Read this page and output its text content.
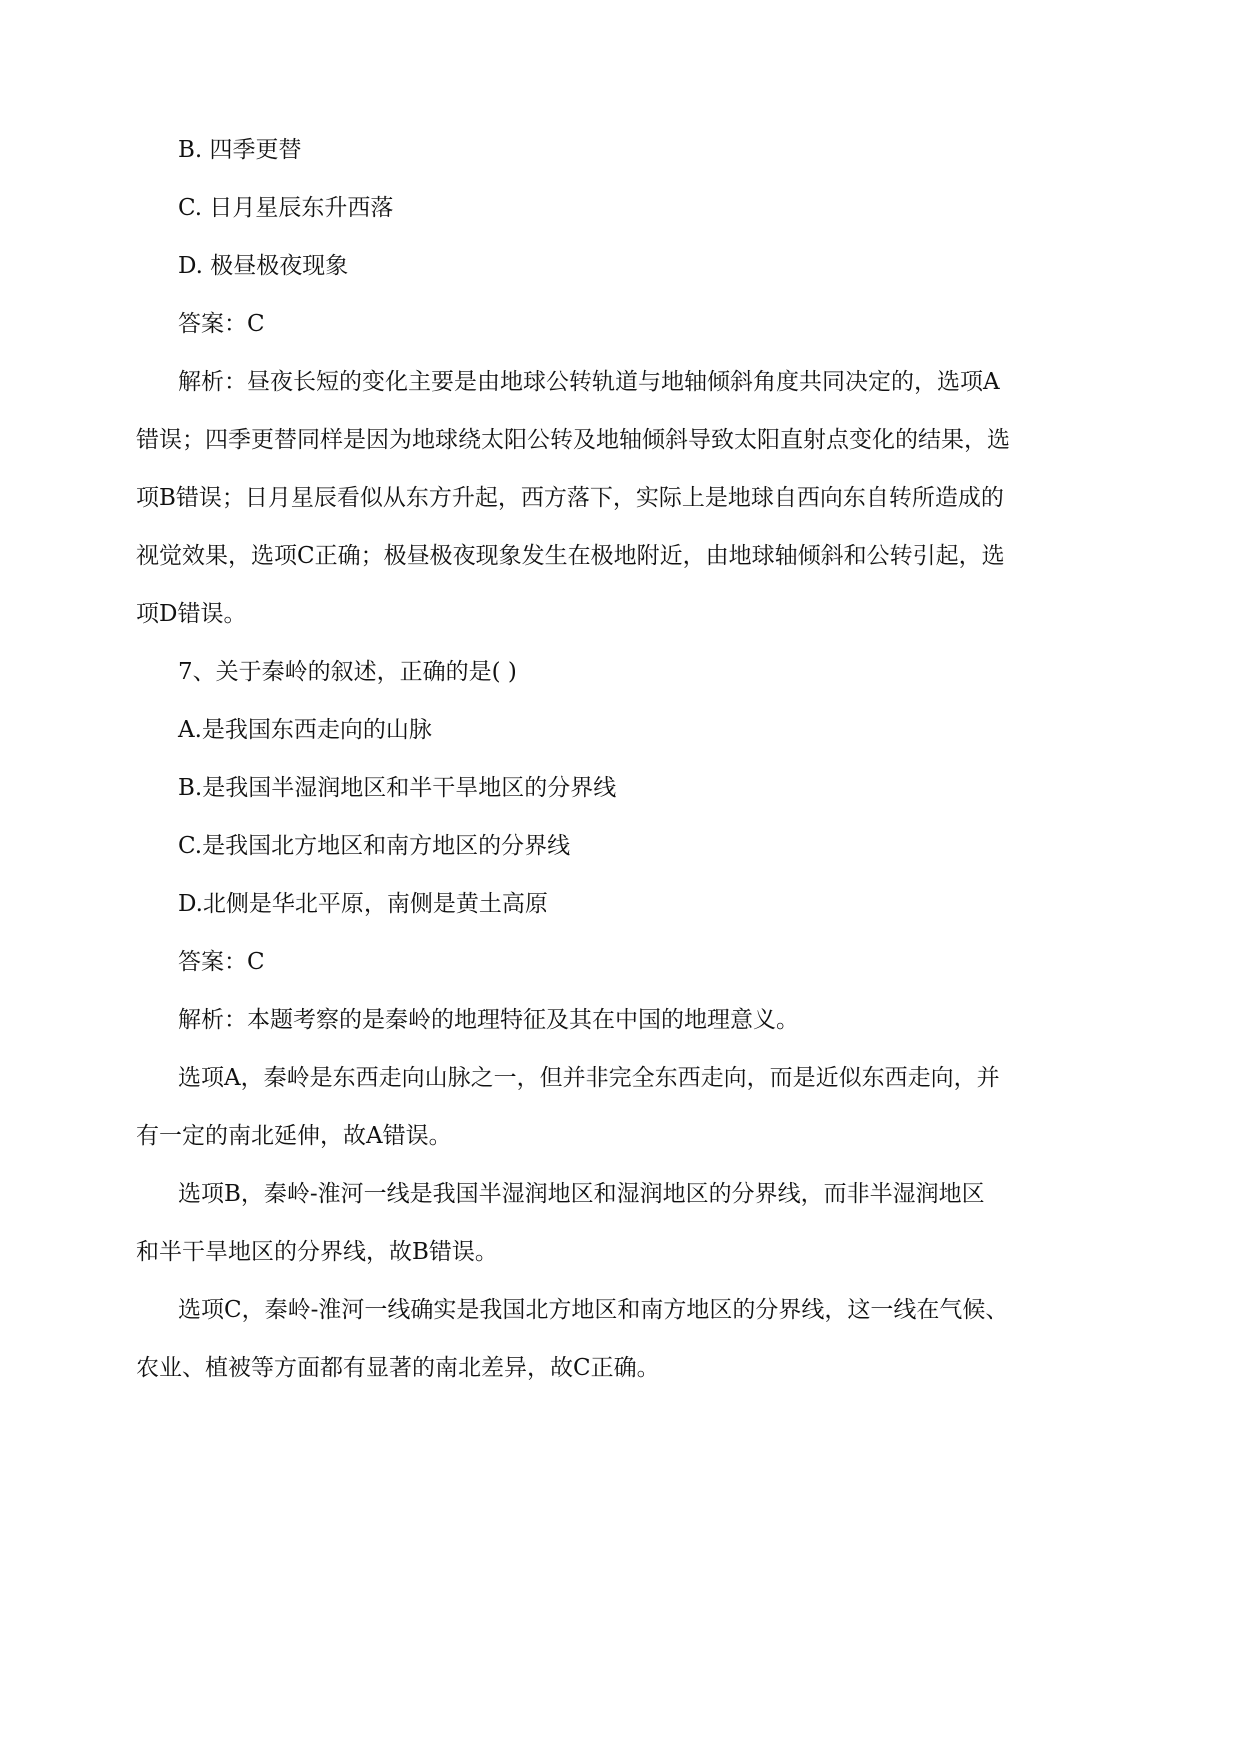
B. 四季更替
C. 日月星辰东升西落
D. 极昼极夜现象
答案：C
解析：昼夜长短的变化主要是由地球公转轨道与地轴倾斜角度共同决定的，选项A
错误；四季更替同样是因为地球绕太阳公转及地轴倾斜导致太阳直射点变化的结果，选
项B错误；日月星辰看似从东方升起，西方落下，实际上是地球自西向东自转所造成的
视觉效果，选项C正确；极昼极夜现象发生在极地附近，由地球轴倾斜和公转引起，选
项D错误。
7、关于秦岭的叙述，正确的是( )
A.是我国东西走向的山脉
B.是我国半湿润地区和半干旱地区的分界线
C.是我国北方地区和南方地区的分界线
D.北侧是华北平原，南侧是黄土高原
答案：C
解析：本题考察的是秦岭的地理特征及其在中国的地理意义。
选项A，秦岭是东西走向山脉之一，但并非完全东西走向，而是近似东西走向，并
有一定的南北延伸，故A错误。
选项B，秦岭-淮河一线是我国半湿润地区和湿润地区的分界线，而非半湿润地区
和半干旱地区的分界线，故B错误。
选项C，秦岭-淮河一线确实是我国北方地区和南方地区的分界线，这一线在气候、
农业、植被等方面都有显著的南北差异，故C正确。
